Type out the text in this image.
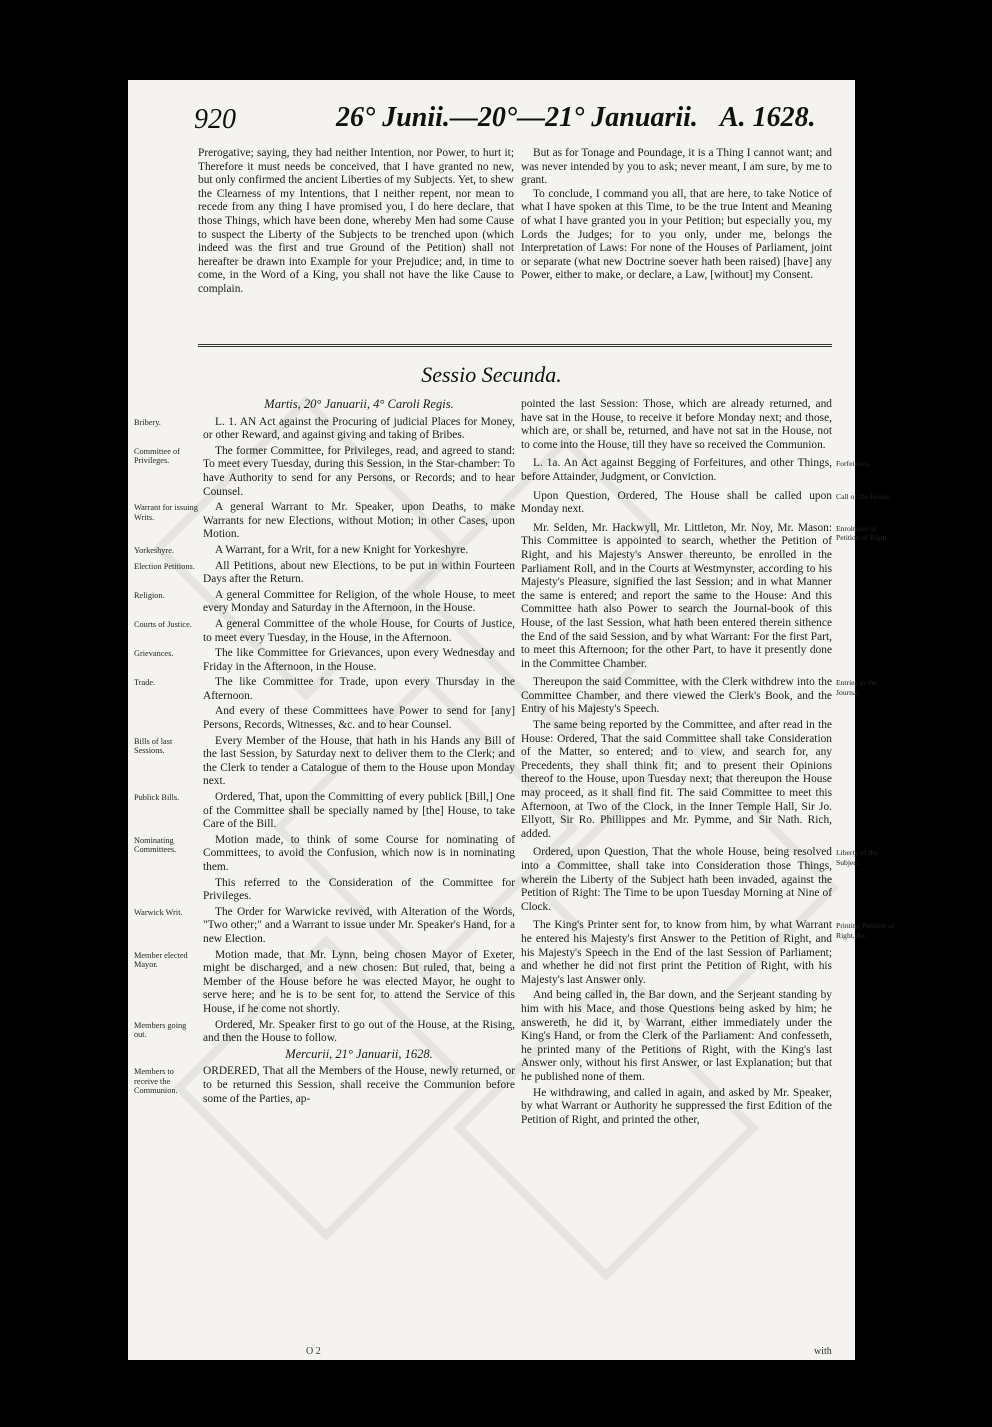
920	26° Junii.—20°—21° Januarii. A. 1628.

Prerogative; saying, they had neither Intention, nor Power, to hurt it; Therefore it must needs be conceived, that I have granted no new, but only confirmed the ancient Liberties of my Subjects. Yet, to shew the Clearness of my Intentions, that I neither repent, nor mean to recede from any thing I have promised you, I do here declare, that those Things, which have been done, whereby Men had some Cause to suspect the Liberty of the Subjects to be trenched upon (which indeed was the first and true Ground of the Petition) shall not hereafter be drawn into Example for your Prejudice; and, in time to come, in the Word of a King, you shall not have the like Cause to complain.

But as for Tonage and Poundage, it is a Thing I cannot want; and was never intended by you to ask; never meant, I am sure, by me to grant.

To conclude, I command you all, that are here, to take Notice of what I have spoken at this Time, to be the true Intent and Meaning of what I have granted you in your Petition; but especially you, my Lords the Judges; for to you only, under me, belongs the Interpretation of Laws: For none of the Houses of Parliament, joint or separate (what new Doctrine soever hath been raised) [have] any Power, either to make, or declare, a Law, [without] my Consent.

Sessio Secunda.

Martis, 20° Januarii, 4° Caroli Regis.

L. 1. AN Act against the Procuring of judicial Places for Money, or other Reward, and against giving and taking of Bribes.

The former Committee, for Privileges, read, and agreed to stand: To meet every Tuesday, during this Session, in the Star-chamber: To have Authority to send for any Persons, or Records; and to hear Counsel.

A general Warrant to Mr. Speaker, upon Deaths, to make Warrants for new Elections, without Motion; in other Cases, upon Motion.

A Warrant, for a Writ, for a new Knight for Yorkeshyre.

All Petitions, about new Elections, to be put in within Fourteen Days after the Return.

A general Committee for Religion, of the whole House, to meet every Monday and Saturday in the Afternoon, in the House.

A general Committee of the whole House, for Courts of Justice, to meet every Tuesday, in the House, in the Afternoon.

The like Committee for Grievances, upon every Wednesday and Friday in the Afternoon, in the House.

The like Committee for Trade, upon every Thursday in the Afternoon.

And every of these Committees have Power to send for [any] Persons, Records, Witnesses, &c. and to hear Counsel.

Every Member of the House, that hath in his Hands any Bill of the last Session, by Saturday next to deliver them to the Clerk; and the Clerk to tender a Catalogue of them to the House upon Monday next.

Ordered, That, upon the Committing of every publick [Bill,] One of the Committee shall be specially named by [the] House, to take Care of the Bill.

Motion made, to think of some Course for nominating of Committees, to avoid the Confusion, which now is in nominating them.

This referred to the Consideration of the Committee for Privileges.

The Order for Warwicke revived, with Alteration of the Words, "Two other;" and a Warrant to issue under Mr. Speaker's Hand, for a new Election.

Motion made, that Mr. Lynn, being chosen Mayor of Exeter, might be discharged, and a new chosen: But ruled, that, being a Member of the House before he was elected Mayor, he ought to serve here; and he is to be sent for, to attend the Service of this House, if he come not shortly.

Ordered, Mr. Speaker first to go out of the House, at the Rising, and then the House to follow.

Mercurii, 21° Januarii, 1628.

ORDERED, That all the Members of the House, newly returned, or to be returned this Session, shall receive the Communion before some of the Parties, ap-

pointed the last Session: Those, which are already returned, and have sat in the House, to receive it before Monday next; and those, which are, or shall be, returned, and have not sat in the House, not to come into the House, till they have so received the Communion.

L. 1a. An Act against Begging of Forfeitures, and other Things, before Attainder, Judgment, or Conviction.

Upon Question, Ordered, The House shall be called upon Monday next.

Mr. Selden, Mr. Hackwyll, Mr. Littleton, Mr. Noy, Mr. Mason: This Committee is appointed to search, whether the Petition of Right, and his Majesty's Answer thereunto, be enrolled in the Parliament Roll, and in the Courts at Westmynster, according to his Majesty's Pleasure, signified the last Session; and in what Manner the same is entered; and report the same to the House: And this Committee hath also Power to search the Journal-book of this House, of the last Session, what hath been entered therein sithence the End of the said Session, and by what Warrant: For the first Part, to meet this Afternoon; for the other Part, to have it presently done in the Committee Chamber.

Thereupon the said Committee, with the Clerk withdrew into the Committee Chamber, and there viewed the Clerk's Book, and the Entry of his Majesty's Speech.

The same being reported by the Committee, and after read in the House: Ordered, That the said Committee shall take Consideration of the Matter, so entered; and to view, and search for, any Precedents, they shall think fit; and to present their Opinions thereof to the House, upon Tuesday next; that thereupon the House may proceed, as it shall find fit. The said Committee to meet this Afternoon, at Two of the Clock, in the Inner Temple Hall, Sir Jo. Ellyott, Sir Ro. Phillippes and Mr. Pymme, and Sir Nath. Rich, added.

Ordered, upon Question, That the whole House, being resolved into a Committee, shall take into Consideration those Things, wherein the Liberty of the Subject hath been invaded, against the Petition of Right: The Time to be upon Tuesday Morning at Nine of Clock.

The King's Printer sent for, to know from him, by what Warrant he entered his Majesty's first Answer to the Petition of Right, and his Majesty's Speech in the End of the last Session of Parliament; and whether he did not first print the Petition of Right, with his Majesty's last Answer only.

And being called in, the Bar down, and the Serjeant standing by him with his Mace, and those Questions being asked by him; he answereth, he did it, by Warrant, either immediately under the King's Hand, or from the Clerk of the Parliament: And confesseth, he printed many of the Petitions of Right, with the King's last Answer only, without his first Answer, or last Explanation; but that he published none of them.

He withdrawing, and called in again, and asked by Mr. Speaker, by what Warrant or Authority he suppressed the first Edition of the Petition of Right, and printed the other,

O 2	with
Bribery.
Committee of Privileges.
Warrant for issuing Writs.
Yorkeshyre.
Election Petitions.
Religion.
Courts of Justice.
Grievances.
Trade.
Bills of last Sessions.
Publick Bills.
Nominating Committees.
Warwick Writ.
Member elected Mayor.
Members going out.
Members to receive the Communion.
Forfeitures.
Call of the House.
Enrolment of Petition of Right.
Entries in the Journal.
Liberty of the Subject.
Printing Petition of Right, &c.
